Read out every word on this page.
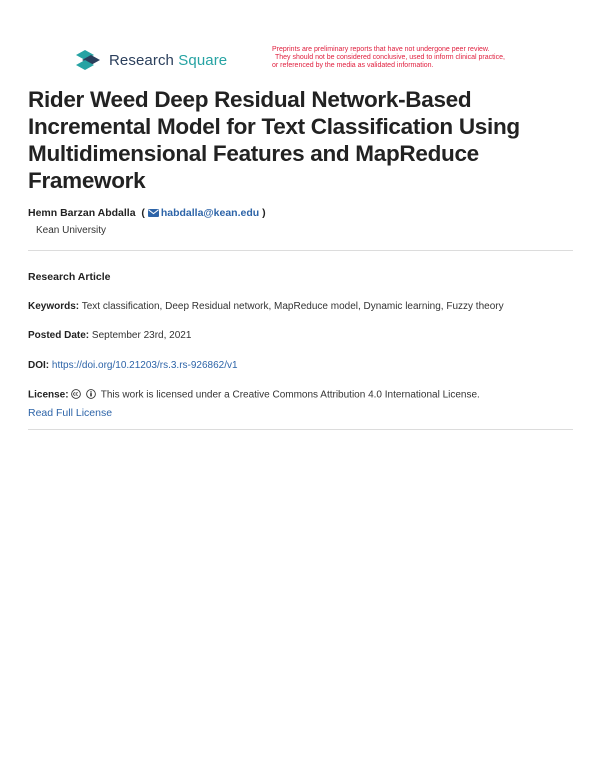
Research Square
Preprints are preliminary reports that have not undergone peer review.
They should not be considered conclusive, used to inform clinical practice,
or referenced by the media as validated information.
Rider Weed Deep Residual Network-Based Incremental Model for Text Classification Using Multidimensional Features and MapReduce Framework
Hemn Barzan Abdalla ( habdalla@kean.edu )
Kean University
Research Article
Keywords: Text classification, Deep Residual network, MapReduce model, Dynamic learning, Fuzzy theory
Posted Date: September 23rd, 2021
DOI: https://doi.org/10.21203/rs.3.rs-926862/v1
License:	This work is licensed under a Creative Commons Attribution 4.0 International License.
Read Full License
